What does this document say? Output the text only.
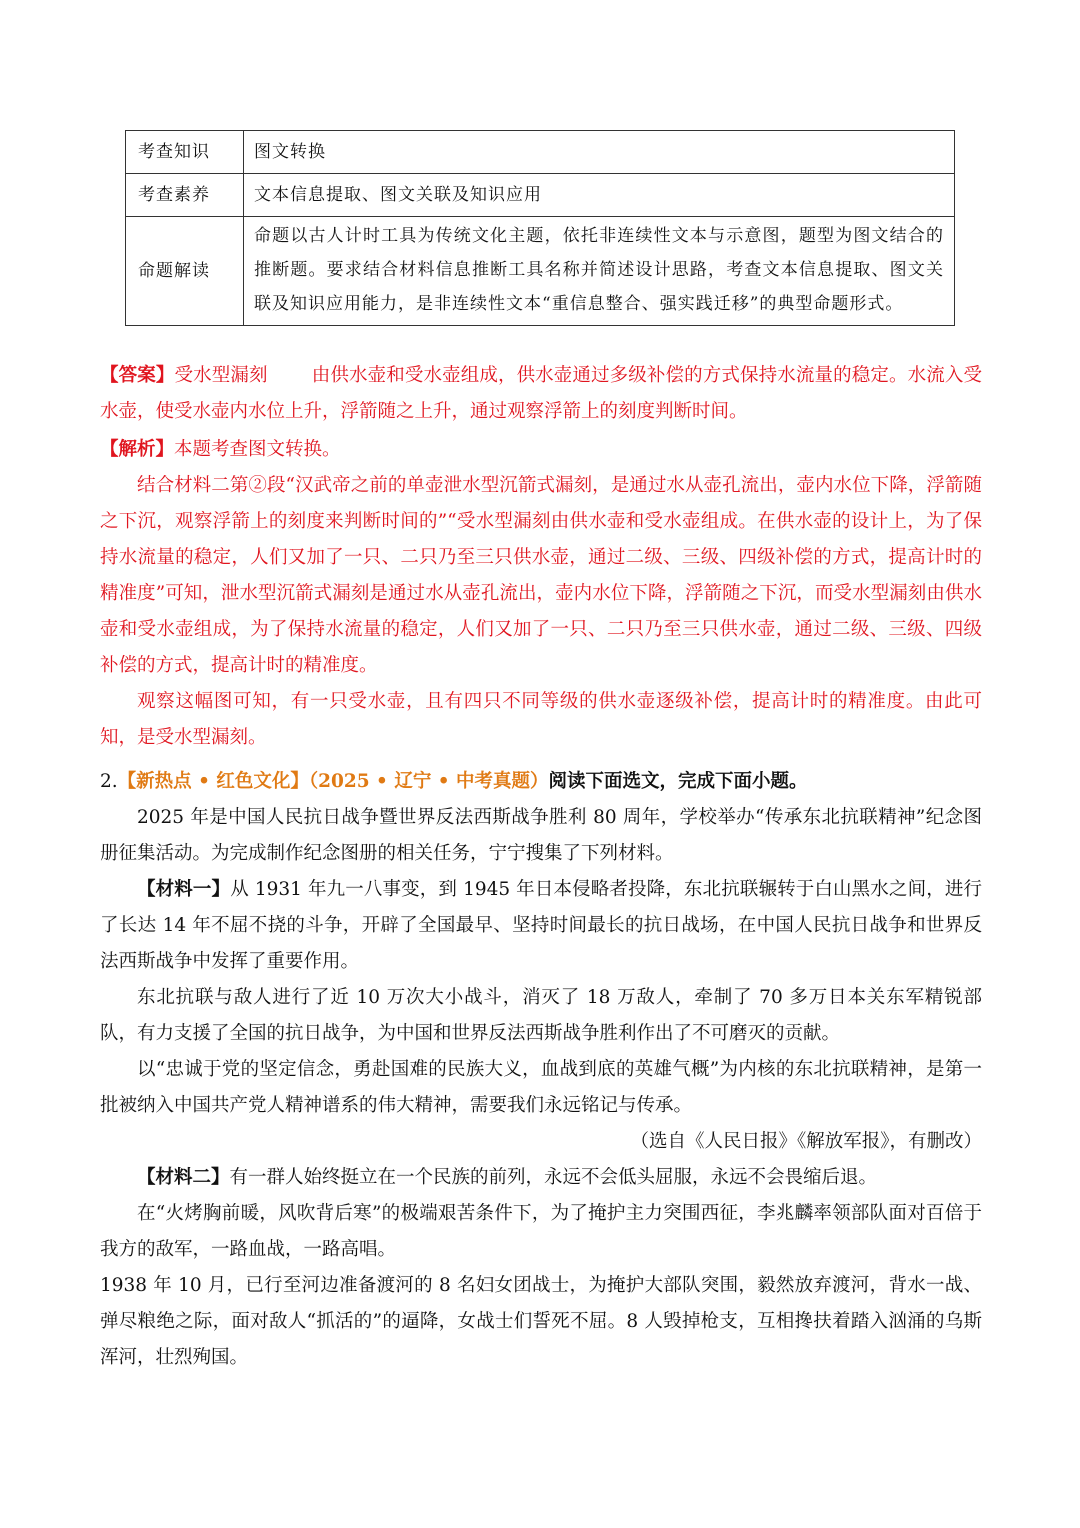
考查知识	图文转换
考查素养	文本信息提取、图文关联及知识应用
命题解读	命题以古人计时工具为传统文化主题，依托非连续性文本与示意图，题型为图文结合的推断题。要求结合材料信息推断工具名称并简述设计思路，考查文本信息提取、图文关联及知识应用能力，是非连续性文本“重信息整合、强实践迁移”的典型命题形式。
【答案】受水型漏刻 由供水壶和受水壶组成，供水壶通过多级补偿的方式保持水流量的稳定。水流入受水壶，使受水壶内水位上升，浮箭随之上升，通过观察浮箭上的刻度判断时间。
【解析】本题考查图文转换。
结合材料二第②段“汉武帝之前的单壶泄水型沉箭式漏刻，是通过水从壶孔流出，壶内水位下降，浮箭随之下沉，观察浮箭上的刻度来判断时间的”“受水型漏刻由供水壶和受水壶组成。在供水壶的设计上，为了保持水流量的稳定，人们又加了一只、二只乃至三只供水壶，通过二级、三级、四级补偿的方式，提高计时的精准度”可知，泄水型沉箭式漏刻是通过水从壶孔流出，壶内水位下降，浮箭随之下沉，而受水型漏刻由供水壶和受水壶组成，为了保持水流量的稳定，人们又加了一只、二只乃至三只供水壶，通过二级、三级、四级补偿的方式，提高计时的精准度。
观察这幅图可知，有一只受水壶，且有四只不同等级的供水壶逐级补偿，提高计时的精准度。由此可知，是受水型漏刻。
2.【新热点 • 红色文化】（2025 • 辽宁 • 中考真题）阅读下面选文，完成下面小题。
2025 年是中国人民抗日战争暨世界反法西斯战争胜利 80 周年，学校举办“传承东北抗联精神”纪念图册征集活动。为完成制作纪念图册的相关任务，宁宁搜集了下列材料。
【材料一】从 1931 年九一八事变，到 1945 年日本侵略者投降，东北抗联辗转于白山黑水之间，进行了长达 14 年不屈不挠的斗争，开辟了全国最早、坚持时间最长的抗日战场，在中国人民抗日战争和世界反法西斯战争中发挥了重要作用。
东北抗联与敌人进行了近 10 万次大小战斗，消灭了 18 万敌人，牵制了 70 多万日本关东军精锐部队，有力支援了全国的抗日战争，为中国和世界反法西斯战争胜利作出了不可磨灭的贡献。
以“忠诚于党的坚定信念，勇赴国难的民族大义，血战到底的英雄气概”为内核的东北抗联精神，是第一批被纳入中国共产党人精神谱系的伟大精神，需要我们永远铭记与传承。
（选自《人民日报》《解放军报》，有删改）
【材料二】有一群人始终挺立在一个民族的前列，永远不会低头屈服，永远不会畏缩后退。
在“火烤胸前暖，风吹背后寒”的极端艰苦条件下，为了掩护主力突围西征，李兆麟率领部队面对百倍于我方的敌军，一路血战，一路高唱。
1938 年 10 月，已行至河边准备渡河的 8 名妇女团战士，为掩护大部队突围，毅然放弃渡河，背水一战、弹尽粮绝之际，面对敌人“抓活的”的逼降，女战士们誓死不屈。8 人毁掉枪支，互相搀扶着踏入汹涌的乌斯浑河，壮烈殉国。
